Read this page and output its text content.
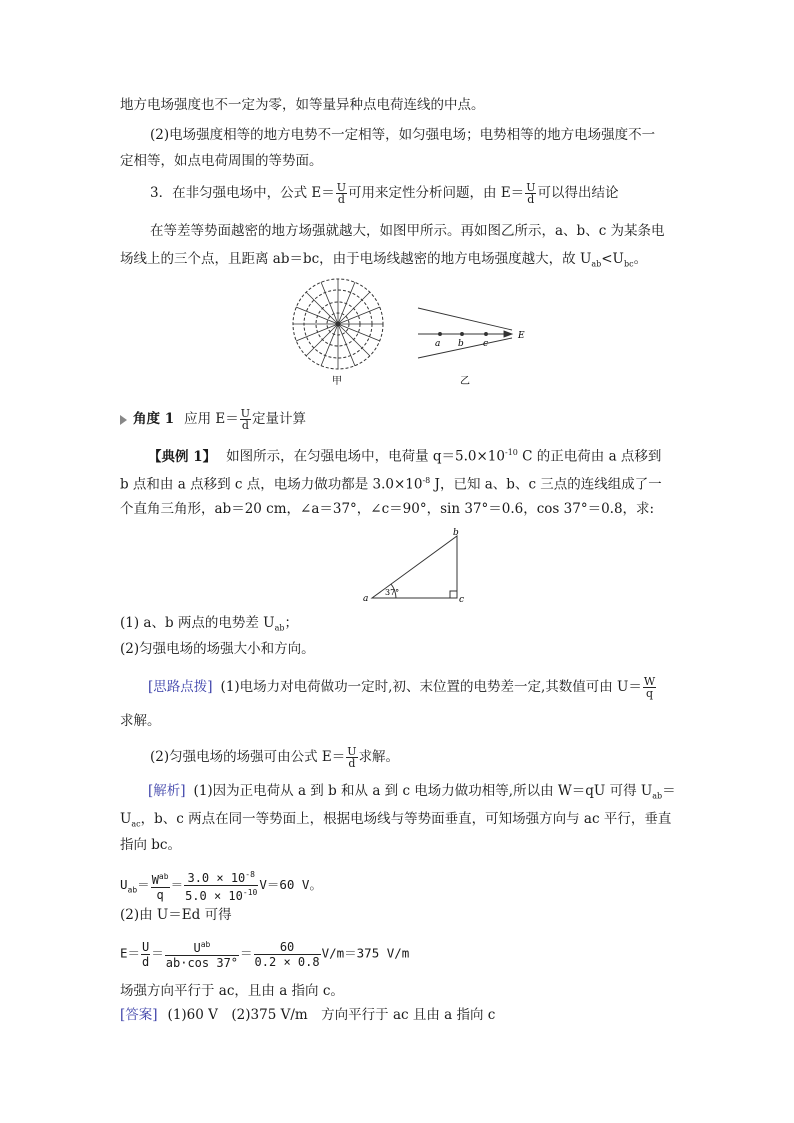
地方电场强度也不一定为零，如等量异种点电荷连线的中点。
(2)电场强度相等的地方电势不一定相等，如匀强电场；电势相等的地方电场强度不一
定相等，如点电荷周围的等势面。
3．在非匀强电场中，公式 $E= \frac{U}{d}$ 可用来定性分析问题，由 $E= \frac{U}{d}$ 可以得出结论
在等差等势面越密的地方场强就越大，如图甲所示。再如图乙所示，a、b、c 为某条电
场线上的三个点，且距离 ab＝bc，由于电场线越密的地方电场强度越大，故 $U_{ab}<U_{bc}$。
a b c
E
甲	乙
角度 1 应用 $E= \frac{U}{d}$ 定量计算
【典例 1】 如图所示，在匀强电场中，电荷量 $q=5.0\times 10^{-10}$ C 的正电荷由 a 点移到
b 点和由 a 点移到 c 点，电场力做功都是 $3.0\times 10^{-8}$ J，已知 a、b、c 三点的连线组成了一
个直角三角形，ab＝20 cm，∠a＝37°，∠c＝90°，sin 37°＝0.6，cos 37°＝0.8，求:
a
b
c
37°
(1) a、b 两点的电势差 $U_{ab}$；
(2)匀强电场的场强大小和方向。
[思路点拨] (1)电场力对电荷做功一定时,初、末位置的电势差一定,其数值可由 $U= \frac{W}{q}$
求解。
(2)匀强电场的场强可由公式 $E= \frac{U}{d}$ 求解。
[解析] (1)因为正电荷从 a 到 b 和从 a 到 c 电场力做功相等,所以由 W＝qU 可得 $U_{ab}=$
$U_{ac}$，b、c 两点在同一等势面上，根据电场线与等势面垂直，可知场强方向与 ac 平行，垂直
指向 bc。
$U_{ab}= \frac{W^{ab}}{q} = \frac{3.0 \times 10^{-8}}{5.0 \times 10^{-10}} V=60$ V。
(2)由 U＝Ed 可得
$E= \frac{U}{d} = \frac{U^{ab}}{ab\cdot\cos 37^\circ} = \frac{60}{0.2 \times 0.8} V/m=375$ V/m
场强方向平行于 ac，且由 a 指向 c。
[答案] (1)60 V　(2)375 V/m　方向平行于 ac 且由 a 指向 c
